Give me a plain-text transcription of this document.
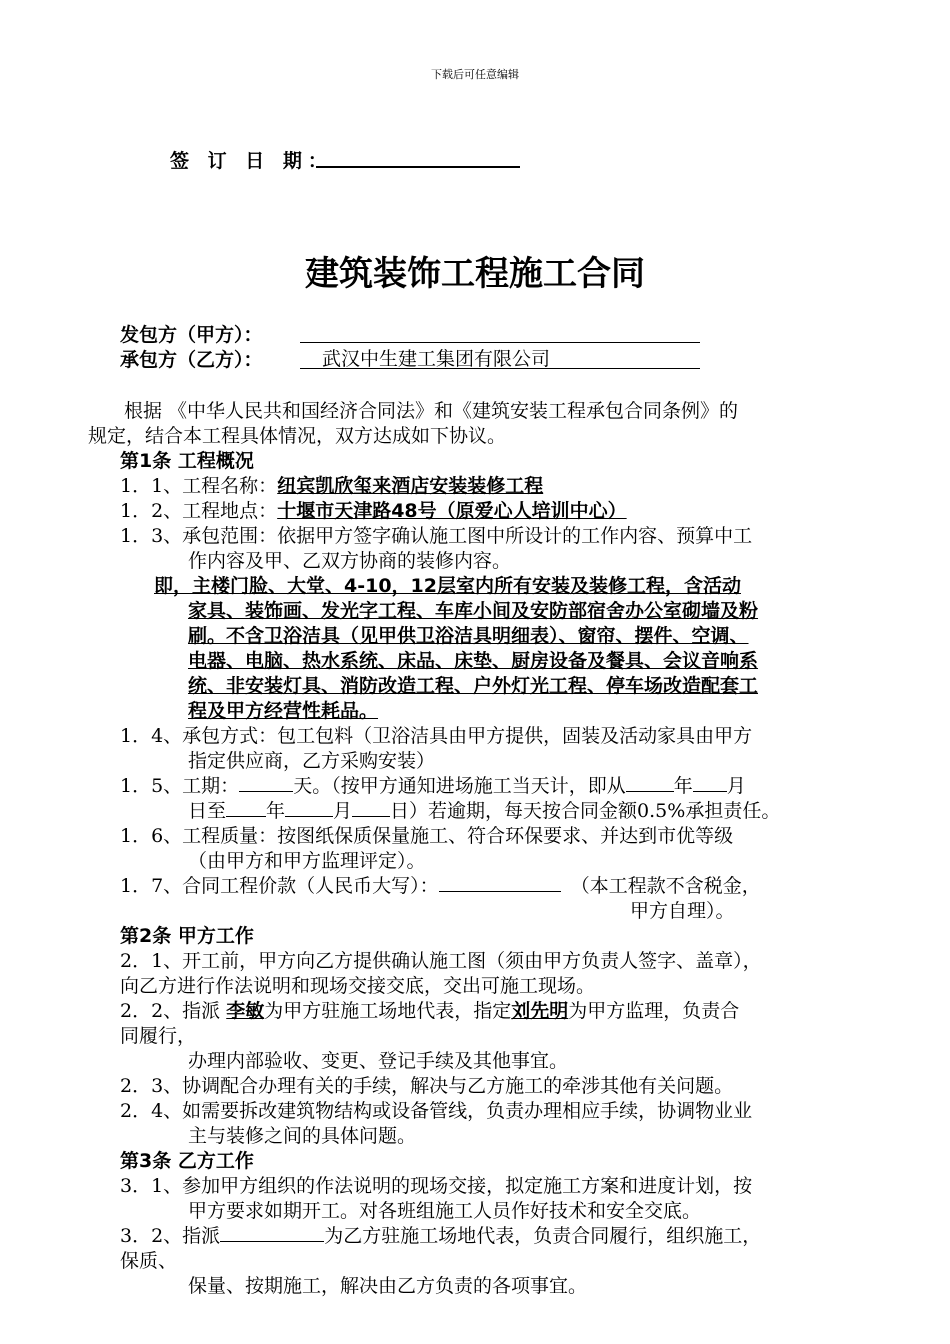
下载后可任意编辑
签 订 日 期：
建筑装饰工程施工合同
发包方（甲方）：
承包方（乙方）：	武汉中生建工集团有限公司
根据 《中华人民共和国经济合同法》和《建筑安装工程承包合同条例》的
规定，结合本工程具体情况，双方达成如下协议。
第1条 工程概况
1．1、工程名称：纽宾凯欣玺来酒店安装装修工程
1．2、工程地点：十堰市天津路48号（原爱心人培训中心）
1．3、承包范围：依据甲方签字确认施工图中所设计的工作内容、预算中工
作内容及甲、乙双方协商的装修内容。
即，主楼门脸、大堂、4-10，12层室内所有安装及装修工程，含活动
家具、装饰画、发光字工程、车库小间及安防部宿舍办公室砌墙及粉
刷。不含卫浴洁具（见甲供卫浴洁具明细表）、窗帘、摆件、空调、
电器、电脑、热水系统、床品、床垫、厨房设备及餐具、会议音响系
统、非安装灯具、消防改造工程、户外灯光工程、停车场改造配套工
程及甲方经营性耗品。
1．4、承包方式：包工包料（卫浴洁具由甲方提供，固装及活动家具由甲方
指定供应商，乙方采购安装）
1．5、工期：	天。（按甲方通知进场施工当天计，即从	年 月
日至 年	月 日）若逾期，每天按合同金额0.5%承担责任。
1．6、工程质量：按图纸保质保量施工、符合环保要求、并达到市优等级
（由甲方和甲方监理评定）。
1．7、合同工程价款（人民币大写）：	（本工程款不含税金，
甲方自理）。
第2条 甲方工作
2．1、开工前，甲方向乙方提供确认施工图（须由甲方负责人签字、盖章），
向乙方进行作法说明和现场交接交底，交出可施工现场。
2．2、指派 李敏为甲方驻施工场地代表，指定刘先明为甲方监理，负责合
同履行，
办理内部验收、变更、登记手续及其他事宜。
2．3、协调配合办理有关的手续，解决与乙方施工的牵涉其他有关问题。
2．4、如需要拆改建筑物结构或设备管线，负责办理相应手续，协调物业业
主与装修之间的具体问题。
第3条 乙方工作
3．1、参加甲方组织的作法说明的现场交接，拟定施工方案和进度计划，按
甲方要求如期开工。对各班组施工人员作好技术和安全交底。
3．2、指派	为乙方驻施工场地代表，负责合同履行，组织施工，
保质、
保量、按期施工，解决由乙方负责的各项事宜。
